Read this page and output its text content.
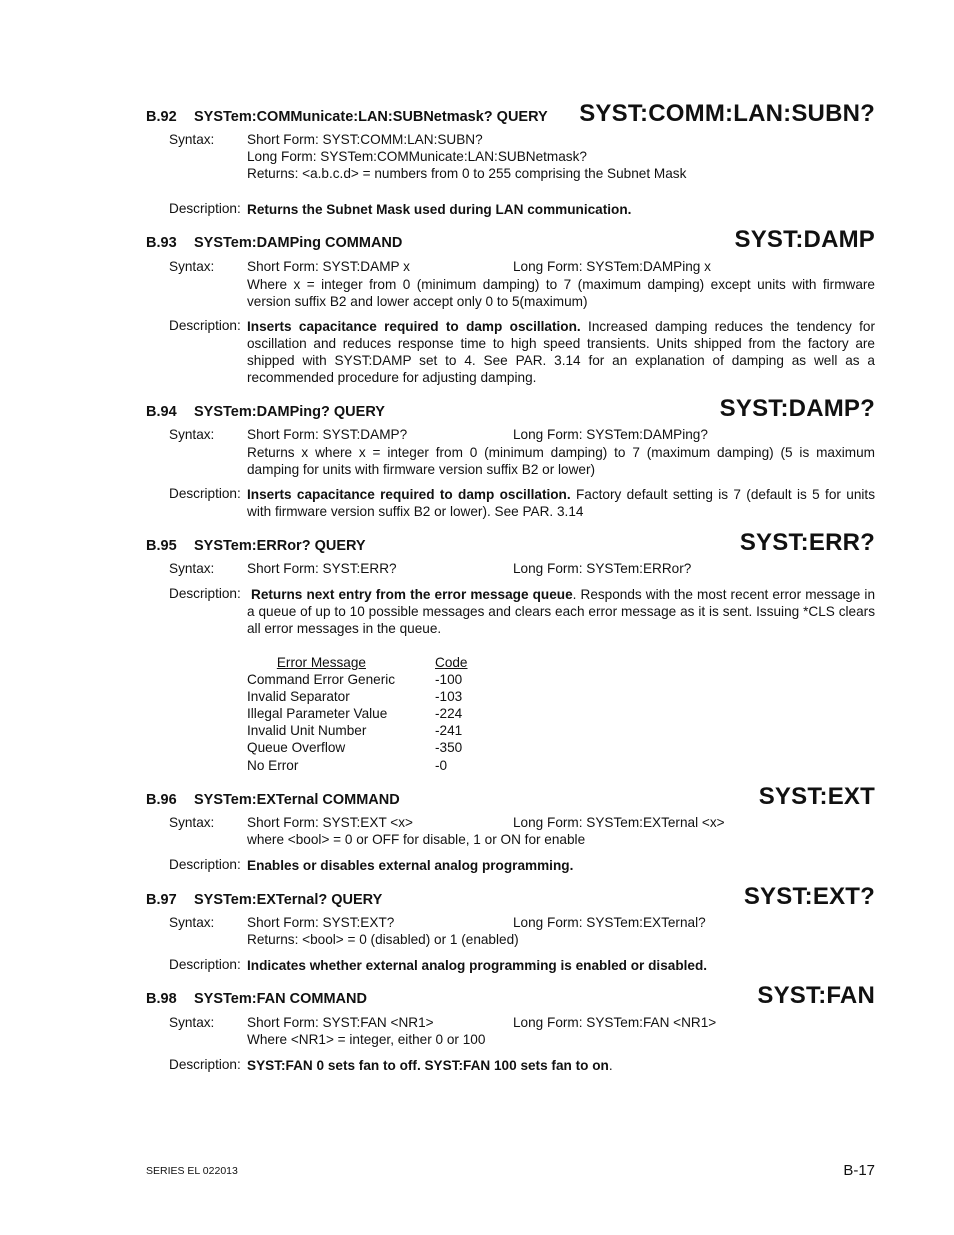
B.92 SYSTem:COMMunicate:LAN:SUBNetmask? QUERY SYST:COMM:LAN:SUBN?
Syntax: Short Form: SYST:COMM:LAN:SUBN?
Long Form: SYSTem:COMMunicate:LAN:SUBNetmask?
Returns: <a.b.c.d> = numbers from 0 to 255 comprising the Subnet Mask
Description: Returns the Subnet Mask used during LAN communication.
B.93 SYSTem:DAMPing COMMAND	SYST:DAMP
Syntax: Short Form: SYST:DAMP x	Long Form: SYSTem:DAMPing x
Where x = integer from 0 (minimum damping) to 7 (maximum damping) except units with firmware version suffix B2 and lower accept only 0 to 5(maximum)
Description: Inserts capacitance required to damp oscillation. Increased damping reduces the tendency for oscillation and reduces response time to high speed transients. Units shipped from the factory are shipped with SYST:DAMP set to 4. See PAR. 3.14 for an explanation of damping as well as a recommended procedure for adjusting damping.
B.94 SYSTem:DAMPing? QUERY	SYST:DAMP?
Syntax: Short Form: SYST:DAMP?	Long Form: SYSTem:DAMPing?
Returns x where x = integer from 0 (minimum damping) to 7 (maximum damping) (5 is maximum damping for units with firmware version suffix B2 or lower)
Description: Inserts capacitance required to damp oscillation. Factory default setting is 7 (default is 5 for units with firmware version suffix B2 or lower). See PAR. 3.14
B.95 SYSTem:ERRor? QUERY	SYST:ERR?
Syntax: Short Form: SYST:ERR?	Long Form: SYSTem:ERRor?
Description: Returns next entry from the error message queue. Responds with the most recent error message in a queue of up to 10 possible messages and clears each error message as it is sent. Issuing *CLS clears all error messages in the queue.
Error Message	Code
Command Error Generic	-100
Invalid Separator	-103
Illegal Parameter Value	-224
Invalid Unit Number	-241
Queue Overflow	-350
No Error	-0
B.96 SYSTem:EXTernal COMMAND	SYST:EXT
Syntax: Short Form: SYST:EXT <x>	Long Form: SYSTem:EXTernal <x>
where <bool> = 0 or OFF for disable, 1 or ON for enable
Description: Enables or disables external analog programming.
B.97 SYSTem:EXTernal? QUERY	SYST:EXT?
Syntax: Short Form: SYST:EXT?	Long Form: SYSTem:EXTernal?
Returns: <bool> = 0 (disabled) or 1 (enabled)
Description: Indicates whether external analog programming is enabled or disabled.
B.98 SYSTem:FAN COMMAND	SYST:FAN
Syntax: Short Form: SYST:FAN <NR1>	Long Form: SYSTem:FAN <NR1>
Where <NR1> = integer, either 0 or 100
Description: SYST:FAN 0 sets fan to off. SYST:FAN 100 sets fan to on.
SERIES EL 022013	B-17
